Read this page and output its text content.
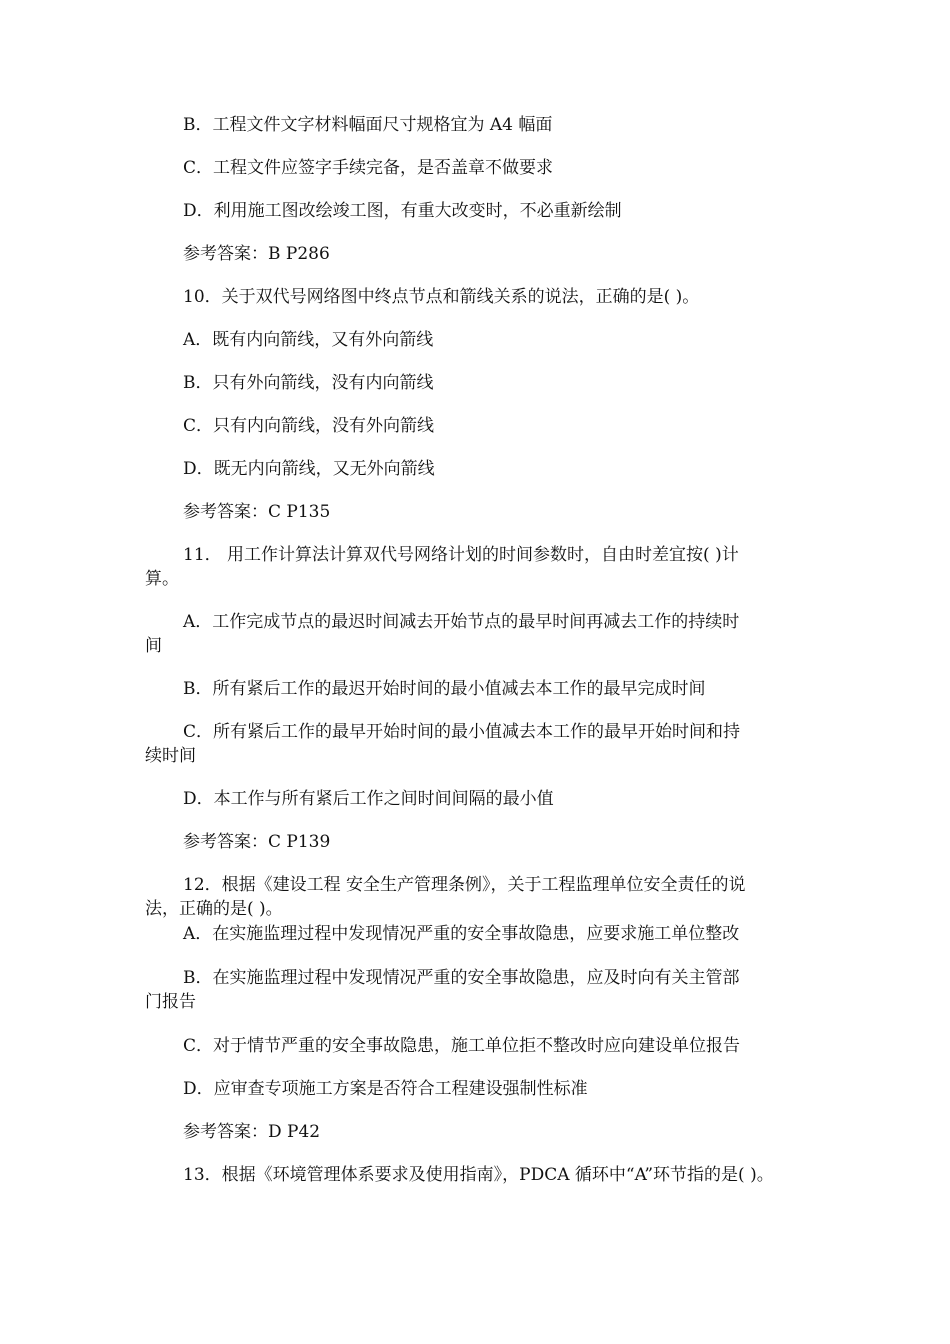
B．工程文件文字材料幅面尺寸规格宜为 A4 幅面
C．工程文件应签字手续完备，是否盖章不做要求
D．利用施工图改绘竣工图，有重大改变时，不必重新绘制
参考答案：B P286
10．关于双代号网络图中终点节点和箭线关系的说法，正确的是( )。
A．既有内向箭线，又有外向箭线
B．只有外向箭线，没有内向箭线
C．只有内向箭线，没有外向箭线
D．既无内向箭线，又无外向箭线
参考答案：C P135
11． 用工作计算法计算双代号网络计划的时间参数时，自由时差宜按( )计
算。
A．工作完成节点的最迟时间减去开始节点的最早时间再减去工作的持续时
间
B．所有紧后工作的最迟开始时间的最小值减去本工作的最早完成时间
C．所有紧后工作的最早开始时间的最小值减去本工作的最早开始时间和持
续时间
D．本工作与所有紧后工作之间时间间隔的最小值
参考答案：C P139
12．根据《建设工程 安全生产管理条例》，关于工程监理单位安全责任的说
法，正确的是( )。
A．在实施监理过程中发现情况严重的安全事故隐患，应要求施工单位整改
B．在实施监理过程中发现情况严重的安全事故隐患，应及时向有关主管部
门报告
C．对于情节严重的安全事故隐患，施工单位拒不整改时应向建设单位报告
D．应审查专项施工方案是否符合工程建设强制性标准
参考答案：D P42
13．根据《环境管理体系要求及使用指南》，PDCA 循环中“A”环节指的是( )。
